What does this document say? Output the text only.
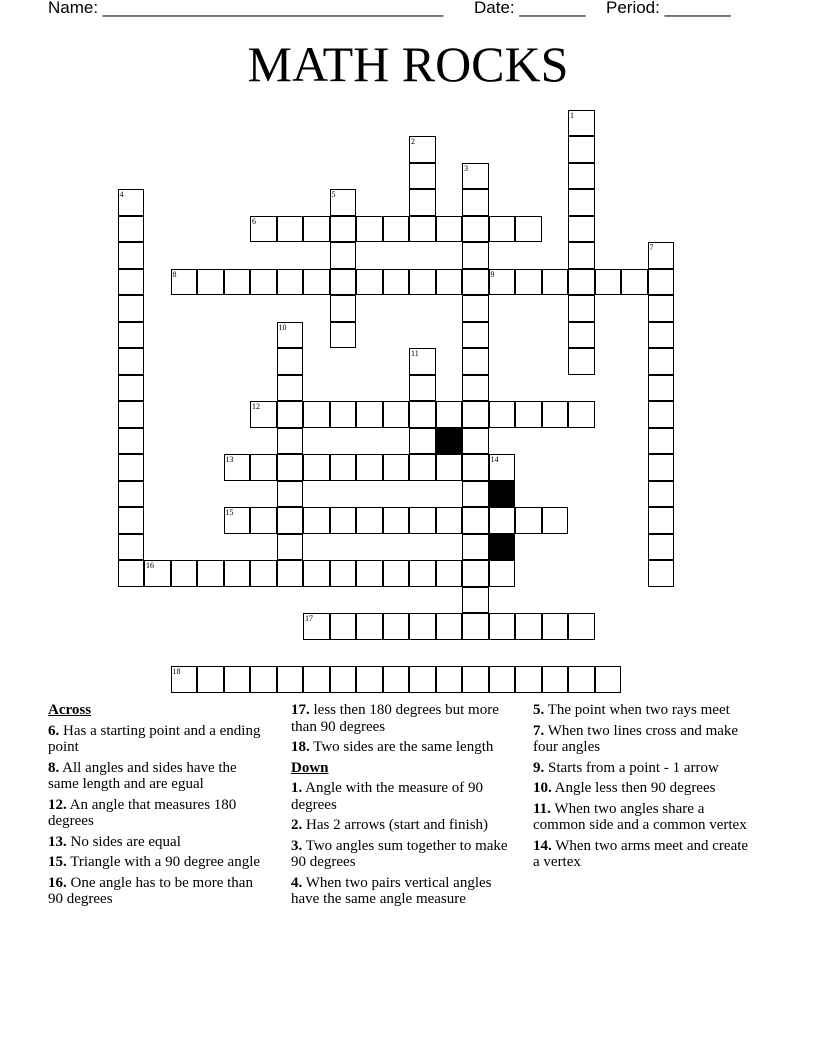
Name: ____________________________________ Date: _______ Period: _______
MATH ROCKS
1
2
3
4	5
6
7
8	9
10
11
12
13	14
15
16
17
18
Across
6. Has a starting point and a ending point
8. All angles and sides have the same length and are egual
12. An angle that measures 180 degrees
13. No sides are equal
15. Triangle with a 90 degree angle
16. One angle has to be more than 90 degrees
17. less then 180 degrees but more than 90 degrees
18. Two sides are the same length
Down
1. Angle with the measure of 90 degrees
2. Has 2 arrows (start and finish)
3. Two angles sum together to make 90 degrees
4. When two pairs vertical angles have the same angle measure
5. The point when two rays meet
7. When two lines cross and make four angles
9. Starts from a point - 1 arrow
10. Angle less then 90 degrees
11. When two angles share a common side and a common vertex
14. When two arms meet and create a vertex
